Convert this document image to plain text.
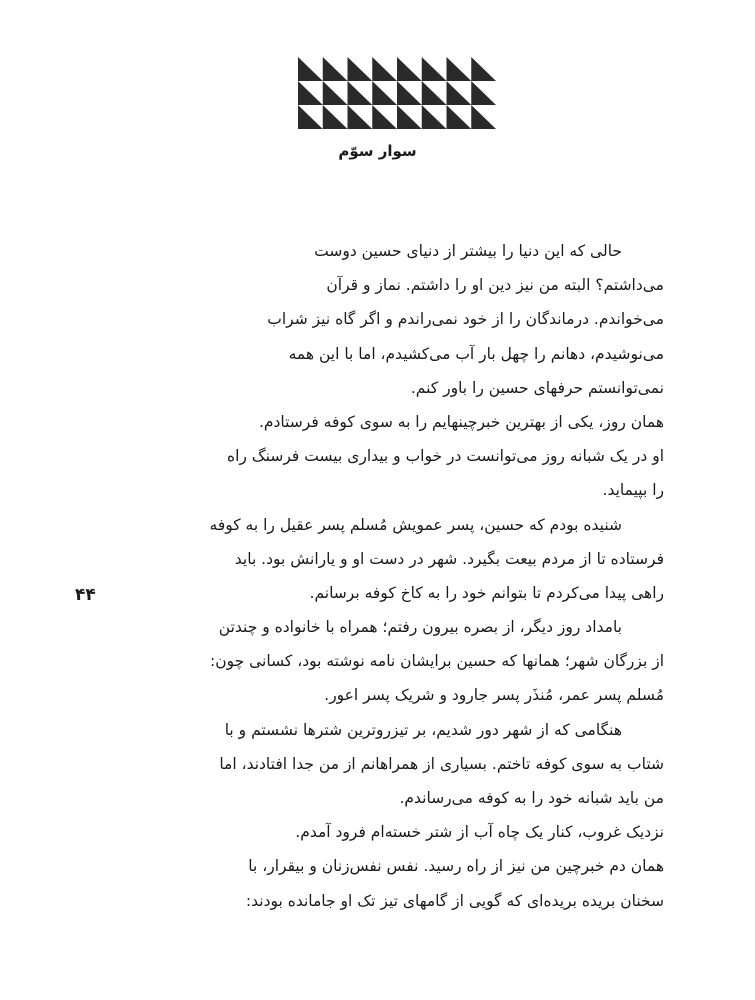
سوار سوّم

حالی که این دنیا را بیشتر از دنیای حسین دوست
می‌داشتم؟ البته من نیز دین او را داشتم. نماز و قرآن
می‌خواندم. درماندگان را از خود نمی‌راندم و اگر گاه نیز شراب
می‌نوشیدم، دهانم را چهل بار آب می‌کشیدم، اما با این همه
نمی‌توانستم حرفهای حسین را باور کنم.

همان روز، یکی از بهترین خبرچینهایم را به سوی کوفه فرستادم.
او در یک شبانه روز می‌توانست در خواب و بیداری بیست فرسنگ راه
را بپیماید.

شنیده بودم که حسین، پسر عمویش مُسلم پسر عقیل را به کوفه
فرستاده تا از مردم بیعت بگیرد. شهر در دست او و یارانش بود. باید
راهی پیدا می‌کردم تا بتوانم خود را به کاخ کوفه برسانم.

بامداد روز دیگر، از بصره بیرون رفتم؛ همراه با خانواده و چندتن
از بزرگان شهر؛ همانها که حسین برایشان نامه نوشته بود، کسانی چون:
مُسلم پسر عمر، مُنذَر پسر جارود و شریک پسر اعور.

هنگامی که از شهر دور شدیم، بر تیزروترین شترها نشستم و با
شتاب به سوی کوفه تاختم. بسیاری از همراهانم از من جدا افتادند، اما
من باید شبانه خود را به کوفه می‌رساندم.

نزدیک غروب، کنار یک چاه آب از شتر خسته‌ام فرود آمدم.
همان دم خبرچین من نیز از راه رسید. نفس نفس‌زنان و بیقرار، با
سخنان بریده بریده‌ای که گویی از گامهای تیز تک او جامانده بودند:

۴۴
